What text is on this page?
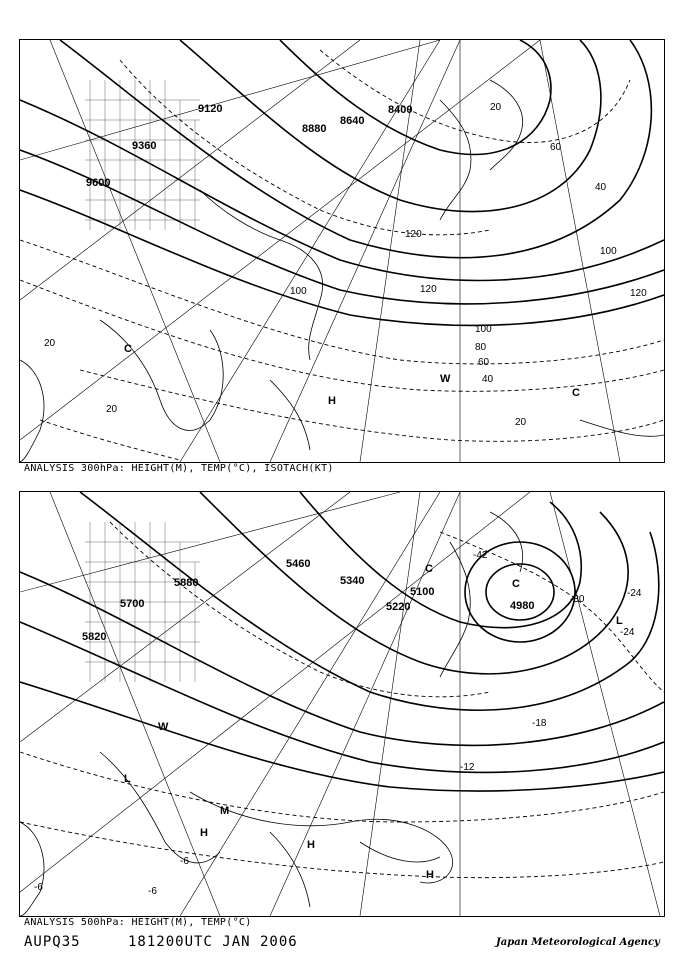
9120
9360
9600
8880
8640
8400
120
120
100
100
80
60
40
20
20
20
100
120
40
60
20
C
H
W
C
ANALYSIS 300hPa: HEIGHT(M), TEMP(°C), ISOTACH(KT)
5880
5700
5820
5460
5340
5220
5100
4980
-42
-30
-24
-24
-18
-6
-6
-6
-12
C
C
L
L
H
H
H
W
M
ANALYSIS 500hPa: HEIGHT(M), TEMP(°C)
AUPQ35	181200UTC JAN 2006	Japan Meteorological Agency
